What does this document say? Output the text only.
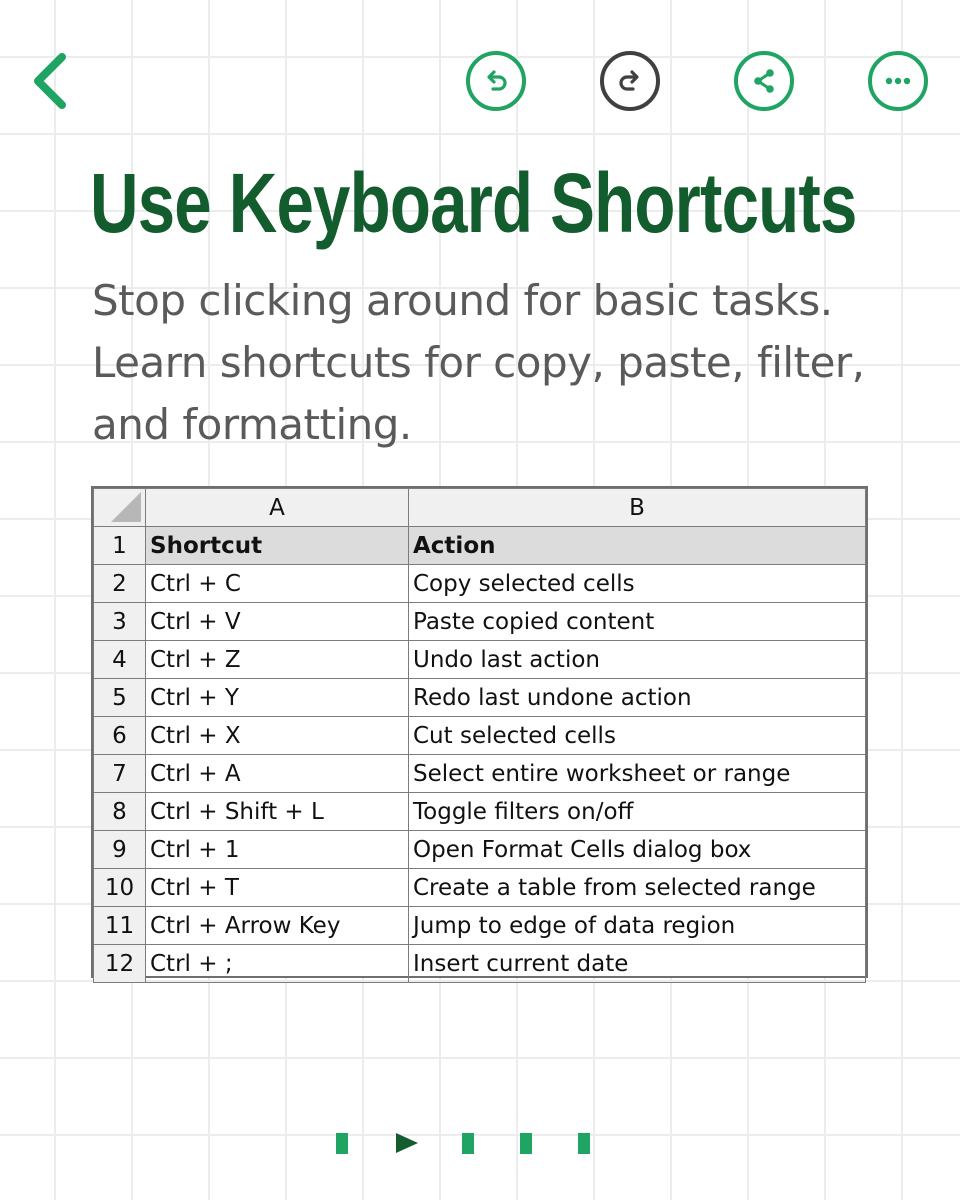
Use Keyboard Shortcuts

Stop clicking around for basic tasks. Learn shortcuts for copy, paste, filter, and formatting.

	A	B
1	Shortcut	Action
2	Ctrl + C	Copy selected cells
3	Ctrl + V	Paste copied content
4	Ctrl + Z	Undo last action
5	Ctrl + Y	Redo last undone action
6	Ctrl + X	Cut selected cells
7	Ctrl + A	Select entire worksheet or range
8	Ctrl + Shift + L	Toggle filters on/off
9	Ctrl + 1	Open Format Cells dialog box
10	Ctrl + T	Create a table from selected range
11	Ctrl + Arrow Key	Jump to edge of data region
12	Ctrl + ;	Insert current date
